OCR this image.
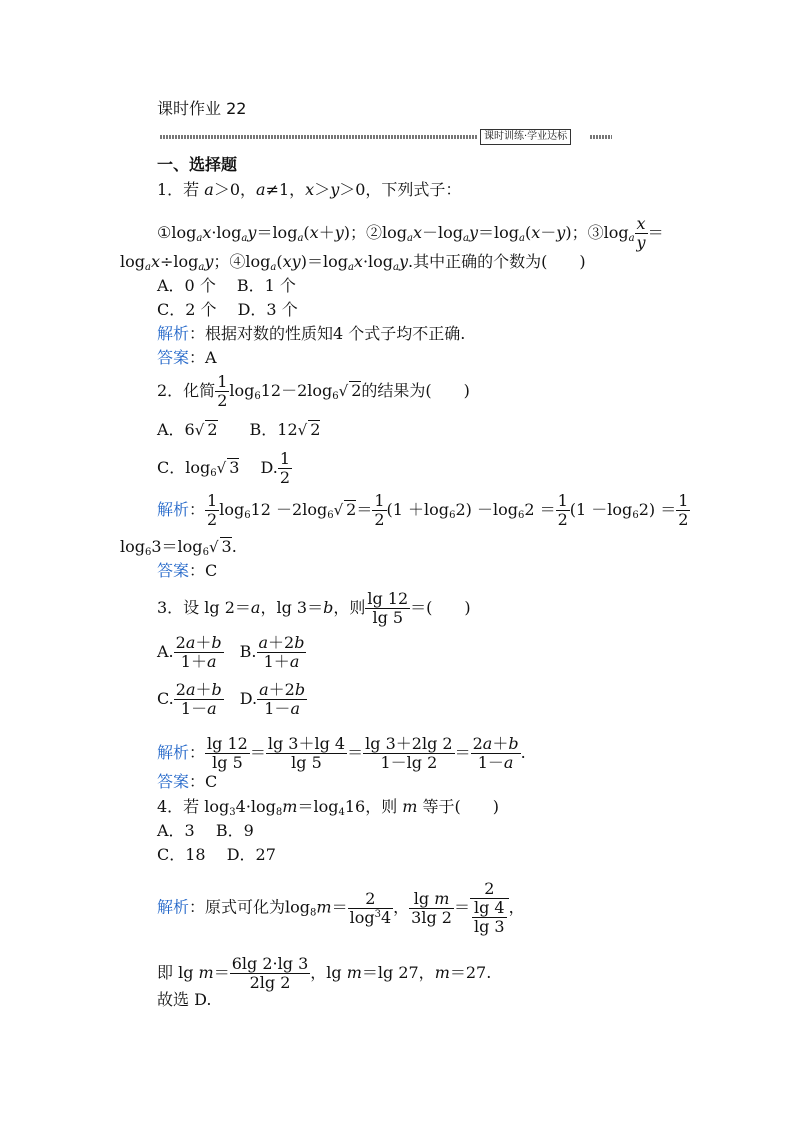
课时作业 22
课时训练·学业达标
一、选择题
1．若 a＞0，a≠1，x＞y＞0，下列式子：
$①\log_ax\cdot\log_ay=\log_a(x+y)$；$②\log_ax-\log_ay=\log_a(x-y)$；$③\log_a \frac{x}{y}$ ＝
$\log_ax\div\log_ay$；$④\log_a(xy)=\log_ax\cdot\log_ay$.其中正确的个数为(　　)
A．0 个　 B．1 个
C．2 个　 D．3 个
解析：根据对数的性质知4 个式子均不正确.
答案：A
2．化简 $\frac{1}{2} \log_612-2\log_6√$ 2的结果为(　　)
A．6√ 2　　B．12√ 2
C．$\log_6√$ 3　 D. $\frac{1}{2}$
解析： $\frac{1}{2} \log_612 -2\log_6√$ $2= \frac{1}{2} (1 +\log_62) -\log_62 = \frac{1}{2} (1 -\log_62) = \frac{1}{2}$
$\log_63=\log_6√$ 3.
答案：C
3．设 lg 2＝a，lg 3＝b，则 $\frac{\lg 12}{\lg 5}$ ＝(　　)
A. $\frac{2a+b}{1+a}$ 　B. $\frac{a+2b}{1+a}$
C. $\frac{2a+b}{1-a}$ 　D. $\frac{a+2b}{1-a}$
解析： $\frac{\lg 12}{\lg 5} = \frac{\lg 3+\lg 4}{\lg 5} = \frac{\lg 3+2\lg 2}{1-\lg 2} = \frac{2a+b}{1-a}$ .
答案：C
4．若 $\log_34\cdot\log_8m=\log_416$，则 m 等于(　　)
A．3　 B．9
C．18　 D．27
解析：原式可化为$\log_8m= \frac{2}{\log^34}$ ， $\frac{\text{lg m}}{3\lg 2} = \frac{2}{\frac{\lg 4}{\lg 3}}$ ，
即 $\lg m= \frac{6\lg 2\cdot\lg 3}{2\lg 2}$ ，lg m＝lg 27，m＝27.
故选 D.
